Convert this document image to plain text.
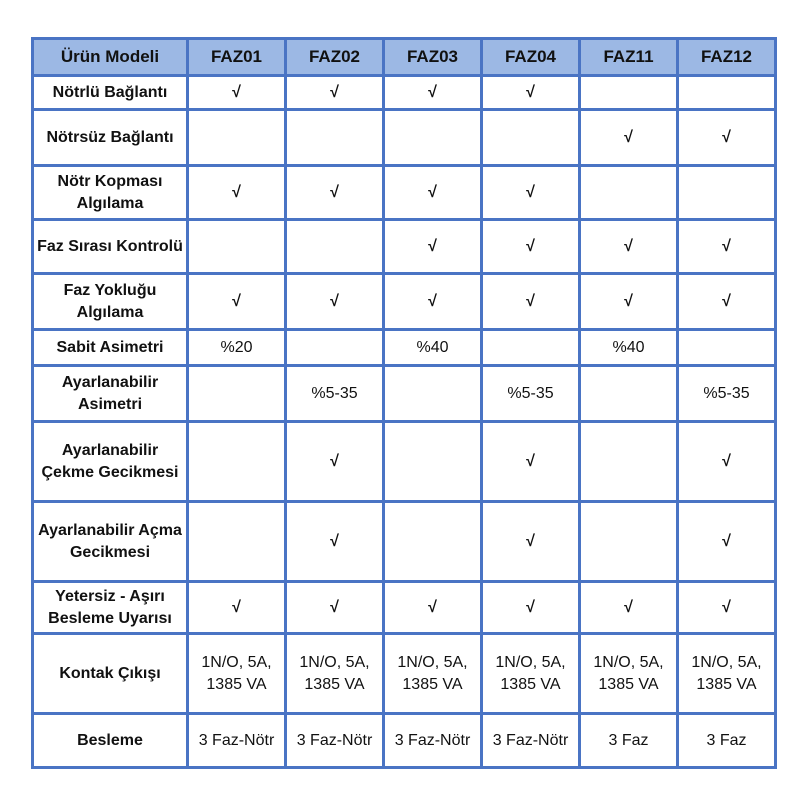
Ürün Modeli	FAZ01	FAZ02	FAZ03	FAZ04	FAZ11	FAZ12
Nötrlü Bağlantı	√	√	√	√		
Nötrsüz Bağlantı					√	√
Nötr Kopması Algılama	√	√	√	√		
Faz Sırası Kontrolü			√	√	√	√
Faz Yokluğu Algılama	√	√	√	√	√	√
Sabit Asimetri	%20		%40		%40	
Ayarlanabilir Asimetri		%5-35		%5-35		%5-35
Ayarlanabilir Çekme Gecikmesi		√		√		√
Ayarlanabilir Açma Gecikmesi		√		√		√
Yetersiz - Aşırı Besleme Uyarısı	√	√	√	√	√	√
Kontak Çıkışı	1N/O, 5A, 1385 VA	1N/O, 5A, 1385 VA	1N/O, 5A, 1385 VA	1N/O, 5A, 1385 VA	1N/O, 5A, 1385 VA	1N/O, 5A, 1385 VA
Besleme	3 Faz-Nötr	3 Faz-Nötr	3 Faz-Nötr	3 Faz-Nötr	3 Faz	3 Faz
